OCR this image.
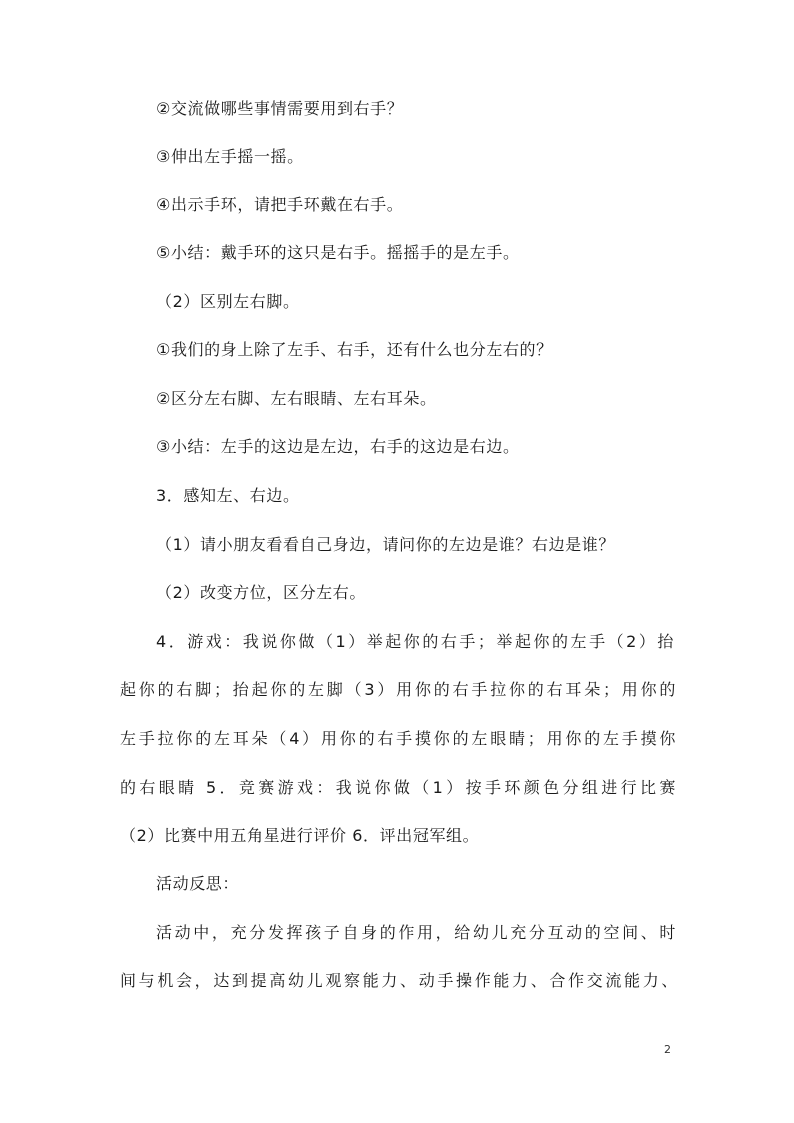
②交流做哪些事情需要用到右手？
③伸出左手摇一摇。
④出示手环，请把手环戴在右手。
⑤小结：戴手环的这只是右手。摇摇手的是左手。
（2）区别左右脚。
①我们的身上除了左手、右手，还有什么也分左右的？
②区分左右脚、左右眼睛、左右耳朵。
③小结：左手的这边是左边，右手的这边是右边。
3．感知左、右边。
（1）请小朋友看看自己身边，请问你的左边是谁？右边是谁？
（2）改变方位，区分左右。
4．游戏：我说你做（1）举起你的右手；举起你的左手（2）抬
起你的右脚；抬起你的左脚（3）用你的右手拉你的右耳朵；用你的
左手拉你的左耳朵（4）用你的右手摸你的左眼睛；用你的左手摸你
的右眼睛 5．竞赛游戏：我说你做（1）按手环颜色分组进行比赛
（2）比赛中用五角星进行评价 6．评出冠军组。
活动反思：
活动中，充分发挥孩子自身的作用，给幼儿充分互动的空间、时
间与机会，达到提高幼儿观察能力、动手操作能力、合作交流能力、
2
